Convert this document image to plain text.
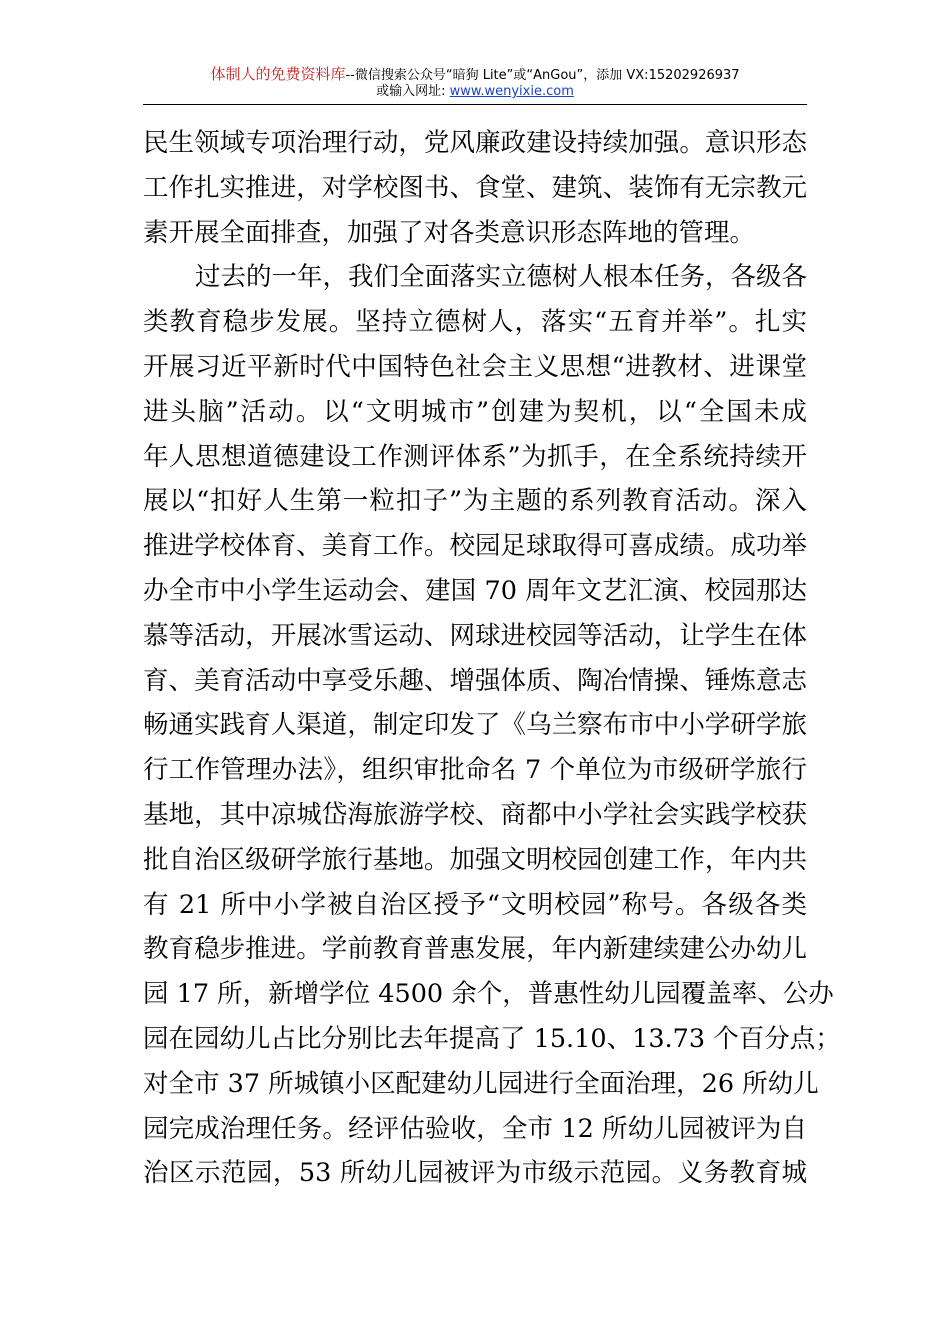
体制人的免费资料库--微信搜索公众号“暗狗 Lite”或“AnGou”，添加 VX:15202926937
或输入网址: www.wenyixie.com
民生领域专项治理行动，党风廉政建设持续加强。意识形态
工作扎实推进，对学校图书、食堂、建筑、装饰有无宗教元
素开展全面排查，加强了对各类意识形态阵地的管理。
过去的一年，我们全面落实立德树人根本任务，各级各
类教育稳步发展。坚持立德树人，落实“五育并举”。扎实
开展习近平新时代中国特色社会主义思想“进教材、进课堂
进头脑”活动。以“文明城市”创建为契机，以“全国未成
年人思想道德建设工作测评体系”为抓手，在全系统持续开
展以“扣好人生第一粒扣子”为主题的系列教育活动。深入
推进学校体育、美育工作。校园足球取得可喜成绩。成功举
办全市中小学生运动会、建国 70 周年文艺汇演、校园那达
慕等活动，开展冰雪运动、网球进校园等活动，让学生在体
育、美育活动中享受乐趣、增强体质、陶冶情操、锤炼意志
畅通实践育人渠道，制定印发了《乌兰察布市中小学研学旅
行工作管理办法》，组织审批命名 7 个单位为市级研学旅行
基地，其中凉城岱海旅游学校、商都中小学社会实践学校获
批自治区级研学旅行基地。加强文明校园创建工作，年内共
有 21 所中小学被自治区授予“文明校园”称号。各级各类
教育稳步推进。学前教育普惠发展，年内新建续建公办幼儿
园 17 所，新增学位 4500 余个，普惠性幼儿园覆盖率、公办
园在园幼儿占比分别比去年提高了 15.10、13.73 个百分点；
对全市 37 所城镇小区配建幼儿园进行全面治理，26 所幼儿
园完成治理任务。经评估验收，全市 12 所幼儿园被评为自
治区示范园，53 所幼儿园被评为市级示范园。义务教育城
